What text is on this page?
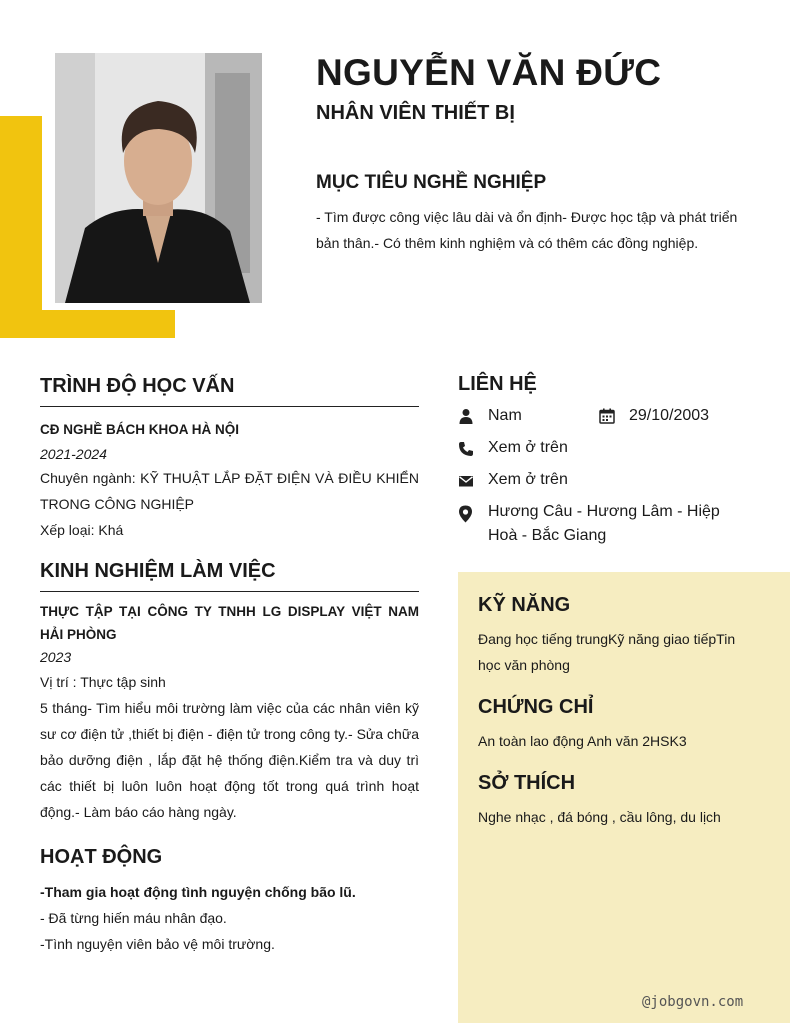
NGUYỄN VĂN ĐỨC
NHÂN VIÊN THIẾT BỊ
MỤC TIÊU NGHỀ NGHIỆP
- Tìm được công việc lâu dài và ổn định- Được học tập và phát triển bản thân.- Có thêm kinh nghiệm và có thêm các đồng nghiệp.
TRÌNH ĐỘ HỌC VẤN

CĐ NGHỀ BÁCH KHOA HÀ NỘI

2021-2024

Chuyên ngành: KỸ THUẬT LẮP ĐẶT ĐIỆN VÀ ĐIỀU KHIỂN TRONG CÔNG NGHIỆP

Xếp loại: Khá

KINH NGHIỆM LÀM VIỆC

THỰC TẬP TẠI CÔNG TY TNHH LG DISPLAY VIỆT NAM HẢI PHÒNG

2023

Vị trí : Thực tập sinh

5 tháng- Tìm hiểu môi trường làm việc của các nhân viên kỹ sư cơ điện tử ,thiết bị điện - điện tử trong công ty.- Sửa chữa bảo dưỡng điện , lắp đặt hệ thống điện.Kiểm tra và duy trì các thiết bị luôn luôn hoạt động tốt trong quá trình hoạt động.- Làm báo cáo hàng ngày.

HOẠT ĐỘNG

-Tham gia hoạt động tình nguyện chống bão lũ.

- Đã từng hiến máu nhân đạo.

-Tình nguyện viên bảo vệ môi trường.

LIÊN HỆ
Nam	29/10/2003
Xem ở trên
Xem ở trên
Hương Câu - Hương Lâm - Hiệp Hoà - Bắc Giang
KỸ NĂNG
Đang học tiếng trungKỹ năng giao tiếpTin học văn phòng
CHỨNG CHỈ
An toàn lao động Anh văn 2HSK3
SỞ THÍCH
Nghe nhạc , đá bóng , cầu lông, du lịch
@jobgovn.com
